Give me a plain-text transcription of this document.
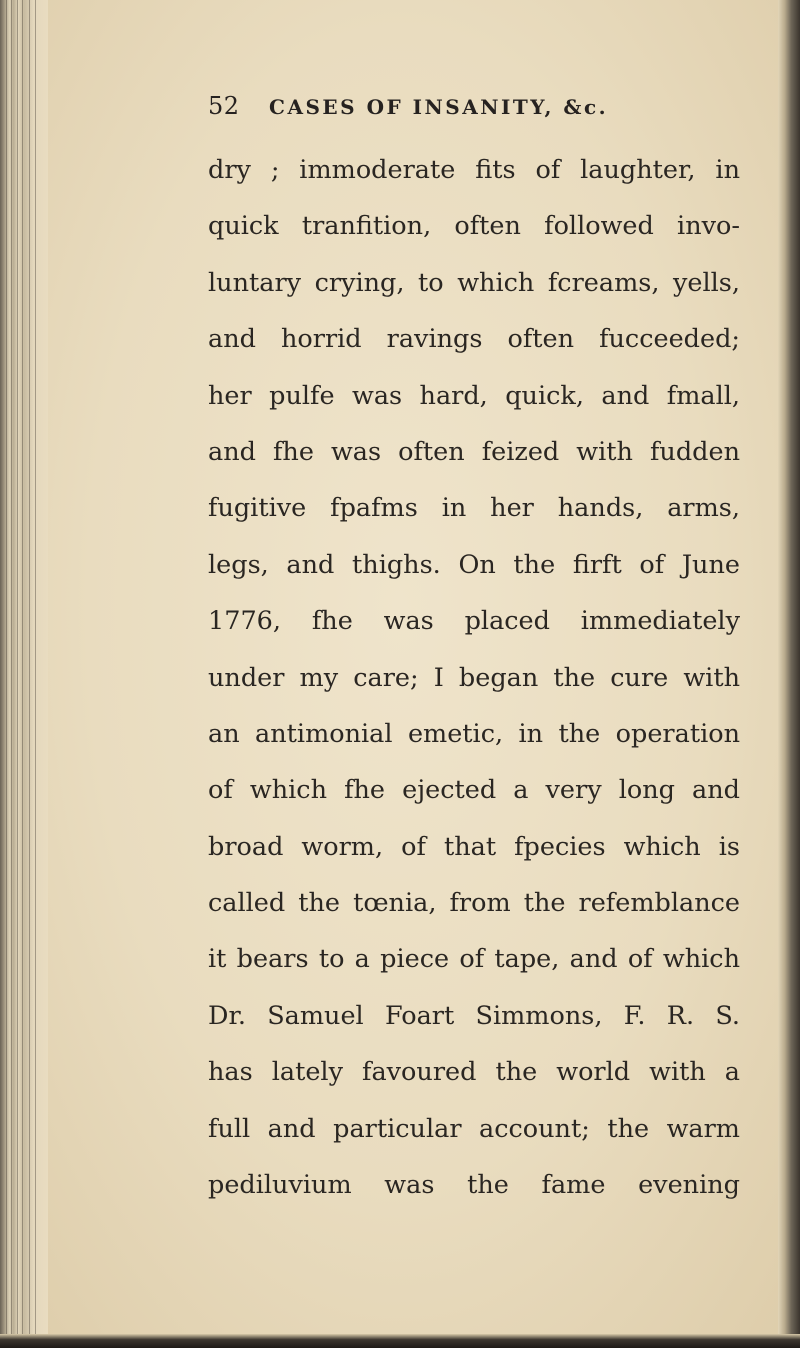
52 CASES OF INSANITY, &c.
dry ; immoderate fits of laughter, in
quick tranfition, often followed invo-
luntary crying, to which fcreams, yells,
and horrid ravings often fucceeded;
her pulfe was hard, quick, and fmall,
and fhe was often feized with fudden
fugitive fpafms in her hands, arms,
legs, and thighs. On the firft of June
1776, fhe was placed immediately
under my care; I began the cure with
an antimonial emetic, in the operation
of which fhe ejected a very long and
broad worm, of that fpecies which is
called the tœnia, from the refemblance
it bears to a piece of tape, and of which
Dr. Samuel Foart Simmons, F. R. S.
has lately favoured the world with a
full and particular account; the warm
pediluvium was the fame evening
